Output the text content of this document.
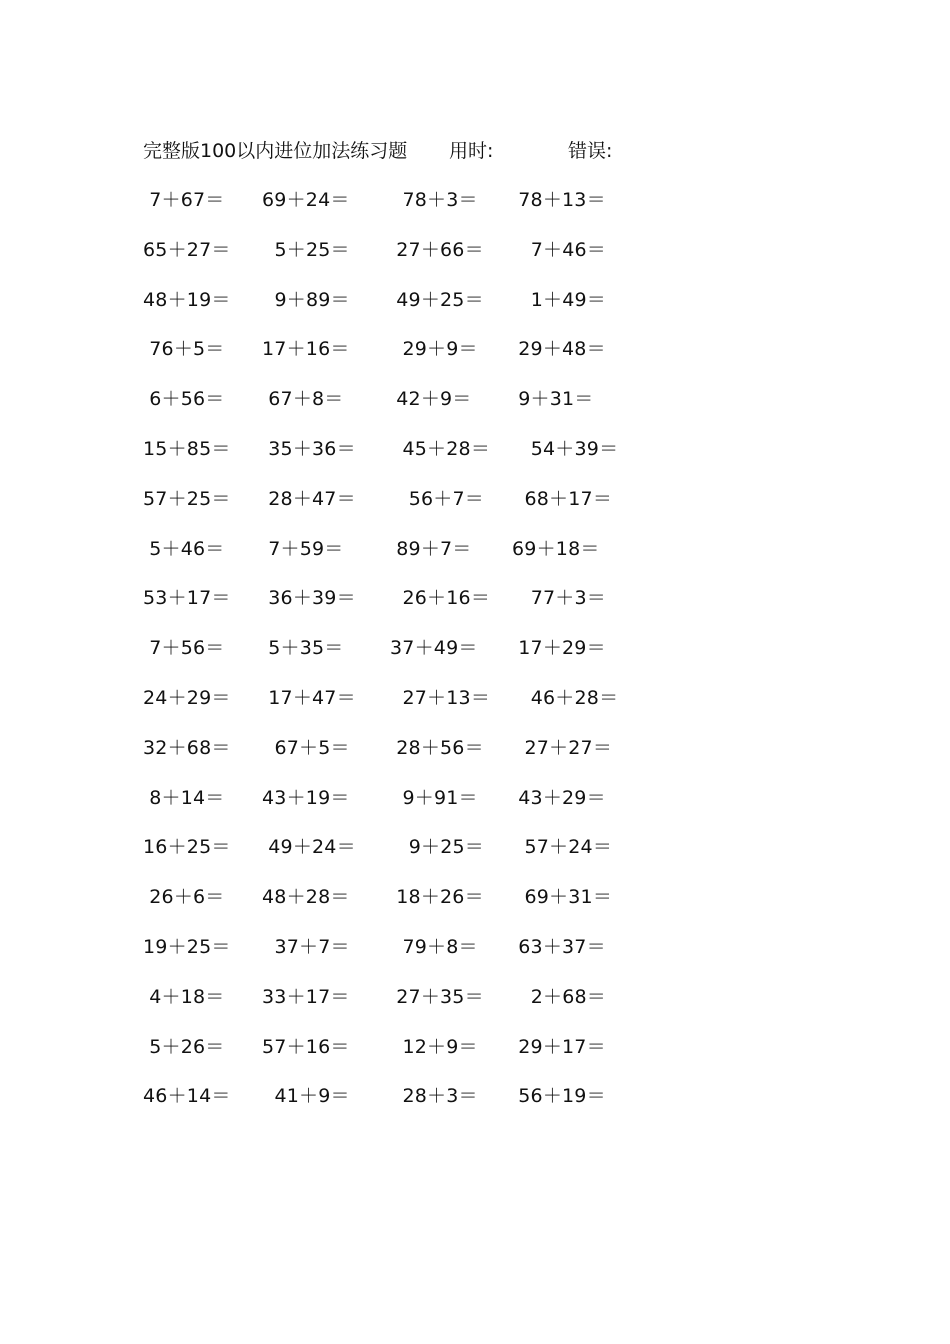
完整版100以内进位加法练习题 用时:	错误:
7＋67＝	69＋24＝	78＋3＝	78＋13＝
65＋27＝	5＋25＝	27＋66＝	7＋46＝
48＋19＝	9＋89＝	49＋25＝	1＋49＝
76＋5＝	17＋16＝	29＋9＝	29＋48＝
6＋56＝	67＋8＝	42＋9＝	9＋31＝
15＋85＝	35＋36＝	45＋28＝ 54＋39＝
57＋25＝	28＋47＝	56＋7＝	68＋17＝
5＋46＝	7＋59＝	89＋7＝	69＋18＝
53＋17＝	36＋39＝	26＋16＝ 77＋3＝
7＋56＝	5＋35＝	37＋49＝	17＋29＝
24＋29＝	17＋47＝	27＋13＝ 46＋28＝
32＋68＝	67＋5＝	28＋56＝	27＋27＝
8＋14＝	43＋19＝	9＋91＝	43＋29＝
16＋25＝	49＋24＝	9＋25＝	57＋24＝
26＋6＝	48＋28＝	18＋26＝	69＋31＝
19＋25＝	37＋7＝	79＋8＝	63＋37＝
4＋18＝	33＋17＝	27＋35＝	2＋68＝
5＋26＝	57＋16＝	12＋9＝	29＋17＝
46＋14＝	41＋9＝	28＋3＝	56＋19＝
